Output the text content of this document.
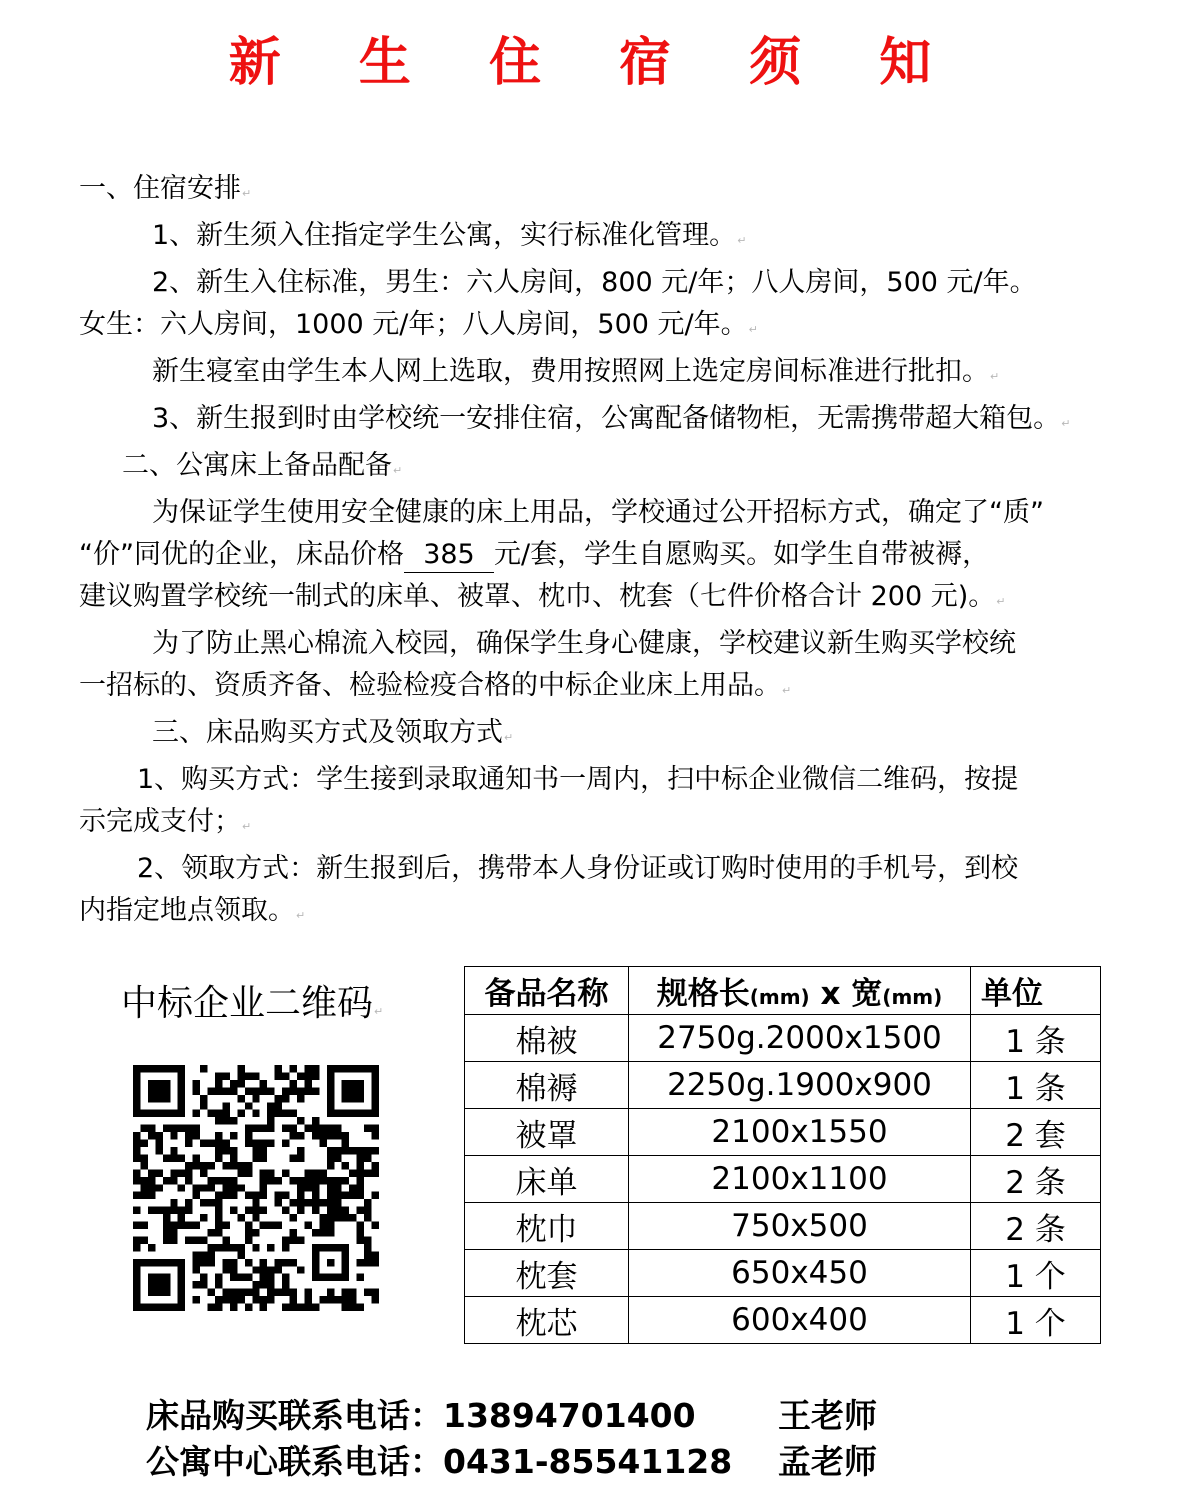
新 生 住 宿 须 知

一、住宿安排↵

1、新生须入住指定学生公寓，实行标准化管理。↵

2、新生入住标准，男生：六人房间，800 元/年；八人房间，500 元/年。

女生：六人房间，1000 元/年；八人房间，500 元/年。↵

新生寝室由学生本人网上选取，费用按照网上选定房间标准进行批扣。↵

3、新生报到时由学校统一安排住宿，公寓配备储物柜，无需携带超大箱包。↵

二、公寓床上备品配备↵

为保证学生使用安全健康的床上用品，学校通过公开招标方式，确定了“质”

“价”同优的企业，床品价格 385 元/套，学生自愿购买。如学生自带被褥，

建议购置学校统一制式的床单、被罩、枕巾、枕套（七件价格合计 200 元)。↵

为了防止黑心棉流入校园，确保学生身心健康，学校建议新生购买学校统

一招标的、资质齐备、检验检疫合格的中标企业床上用品。↵

三、床品购买方式及领取方式↵

1、购买方式：学生接到录取通知书一周内，扫中标企业微信二维码，按提

示完成支付；↵

2、领取方式：新生报到后，携带本人身份证或订购时使用的手机号，到校

内指定地点领取。↵

中标企业二维码↵	备品名称	规格长(mm) x 宽(mm)	单位
棉被	2750g.2000x1500	1 条
棉褥	2250g.1900x900	1 条
被罩	2100x1550	2 套
床单	2100x1100	2 条
枕巾	750x500	2 条
枕套	650x450	1 个
枕芯	600x400	1 个
床品购买联系电话：13894701400 王老师
公寓中心联系电话：0431-85541128 孟老师
